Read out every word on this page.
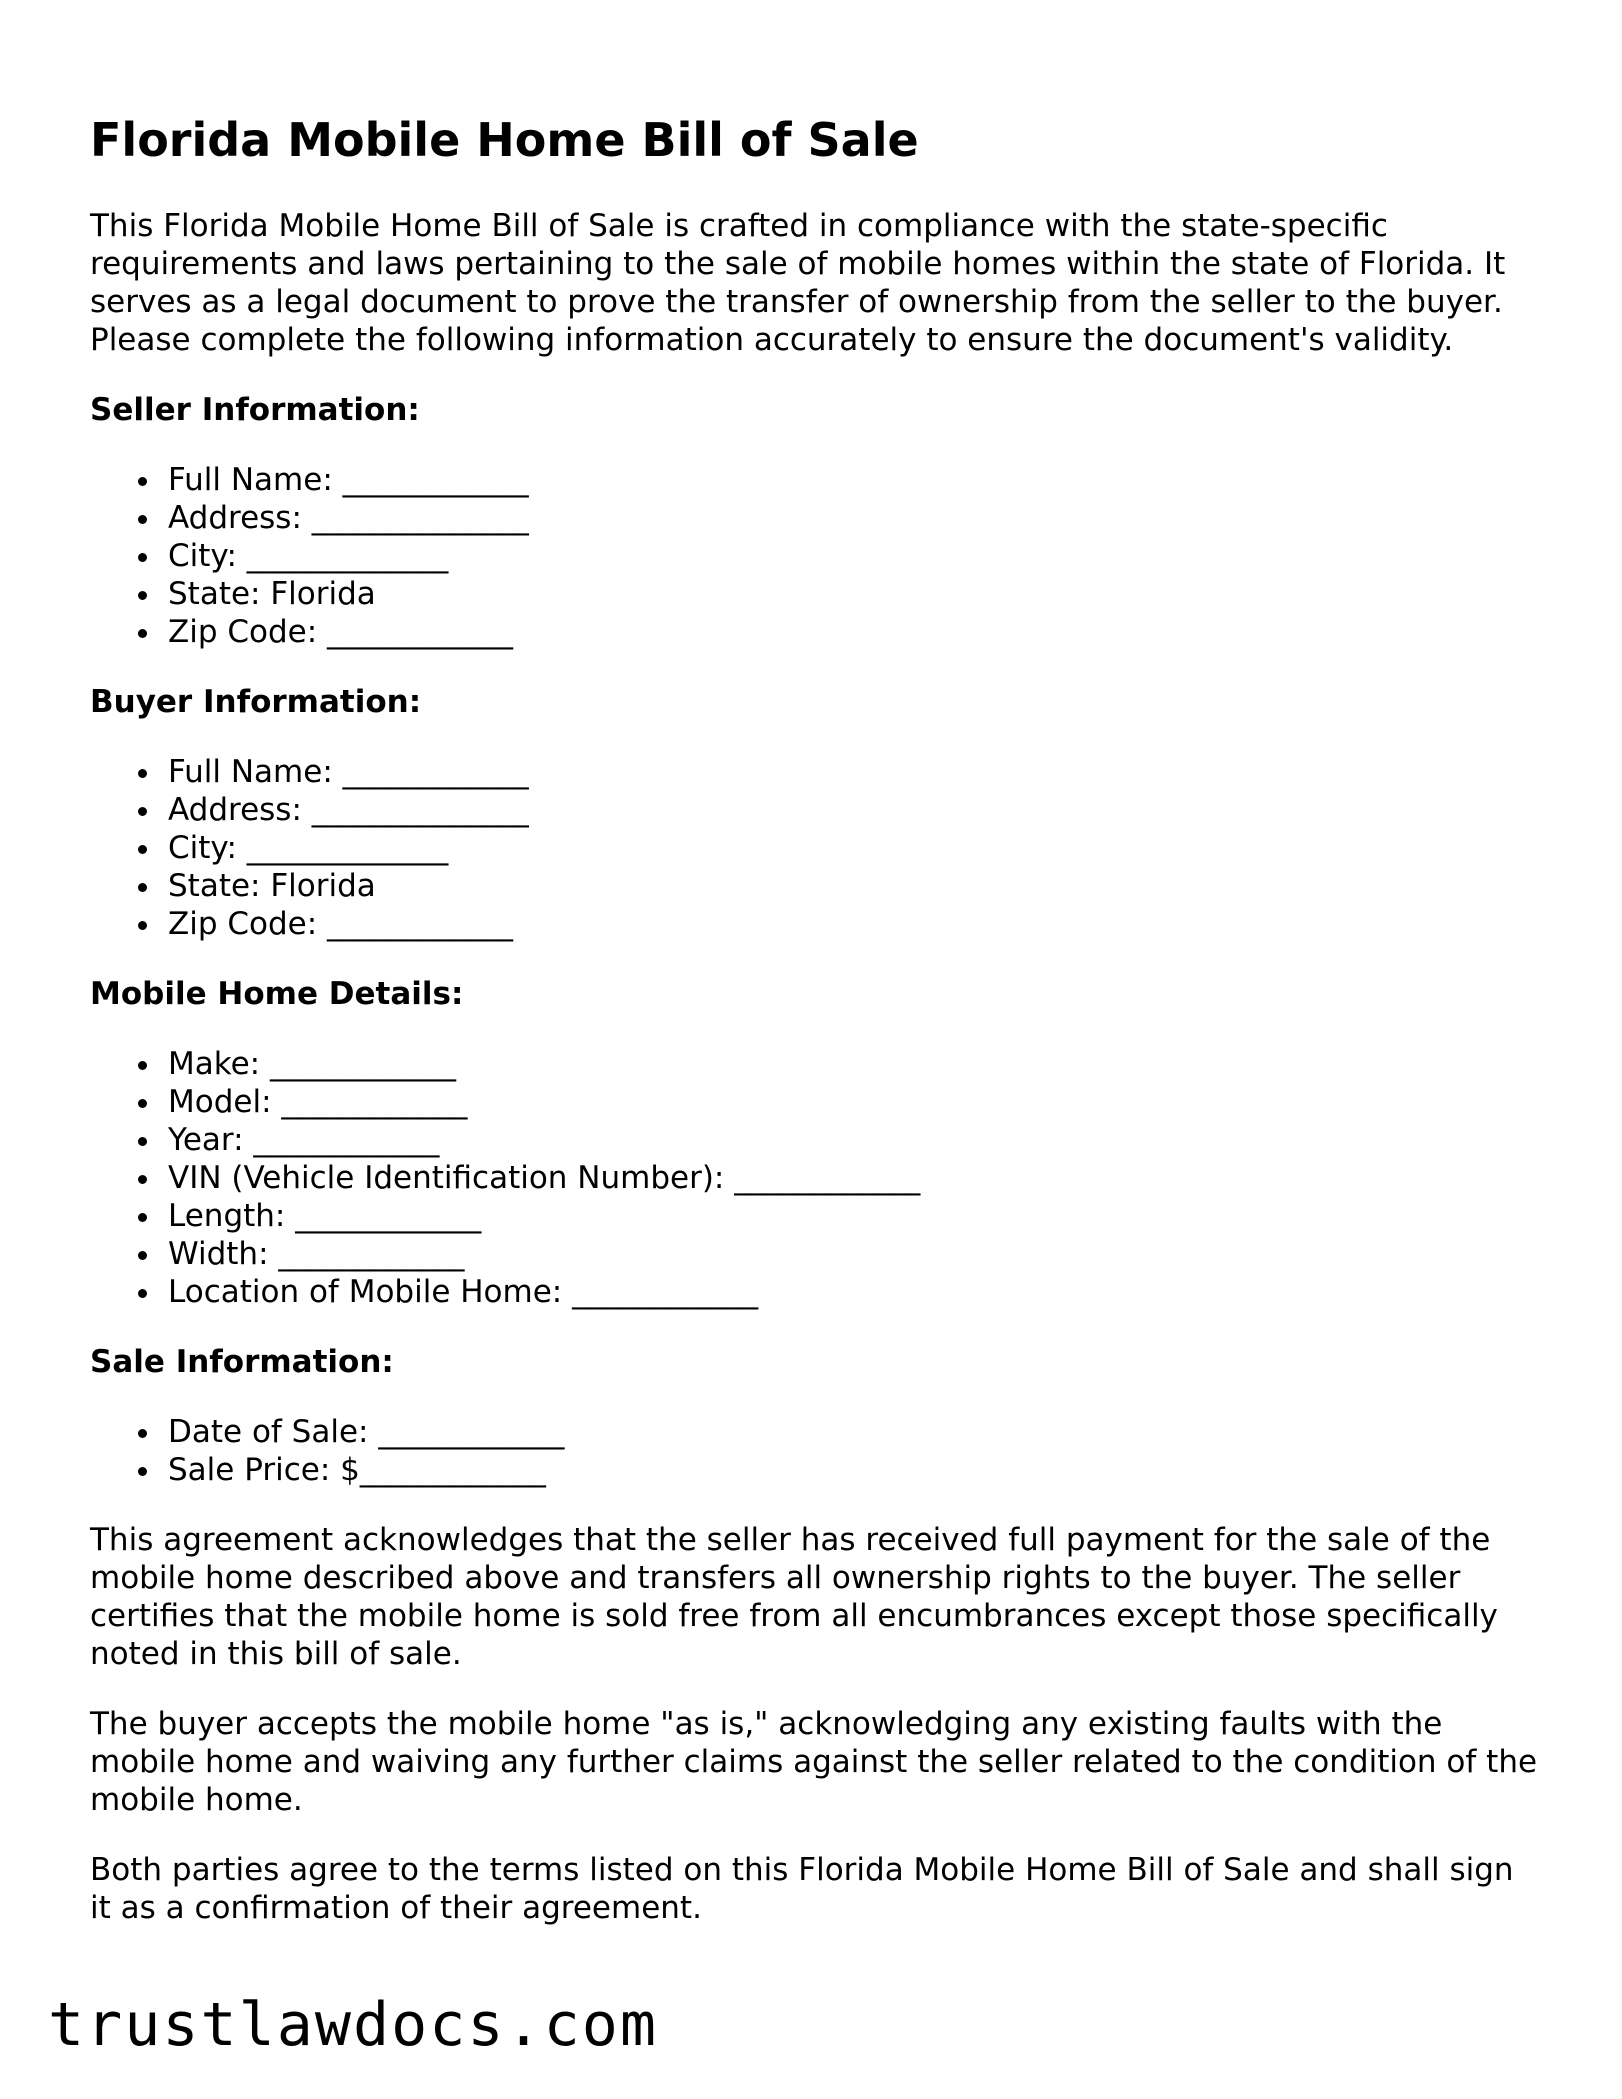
Florida Mobile Home Bill of Sale

This Florida Mobile Home Bill of Sale is crafted in compliance with the state-specific requirements and laws pertaining to the sale of mobile homes within the state of Florida. It serves as a legal document to prove the transfer of ownership from the seller to the buyer. Please complete the following information accurately to ensure the document's validity.

Seller Information:
Full Name: ____________
Address: ______________
City: _____________
State: Florida
Zip Code: ____________
Buyer Information:
Full Name: ____________
Address: ______________
City: _____________
State: Florida
Zip Code: ____________
Mobile Home Details:
Make: ____________
Model: ____________
Year: ____________
VIN (Vehicle Identification Number): ____________
Length: ____________
Width: ____________
Location of Mobile Home: ____________
Sale Information:
Date of Sale: ____________
Sale Price: $____________

This agreement acknowledges that the seller has received full payment for the sale of the mobile home described above and transfers all ownership rights to the buyer. The seller certifies that the mobile home is sold free from all encumbrances except those specifically noted in this bill of sale.

The buyer accepts the mobile home "as is," acknowledging any existing faults with the mobile home and waiving any further claims against the seller related to the condition of the mobile home.

Both parties agree to the terms listed on this Florida Mobile Home Bill of Sale and shall sign it as a confirmation of their agreement.

trustlawdocs.com
